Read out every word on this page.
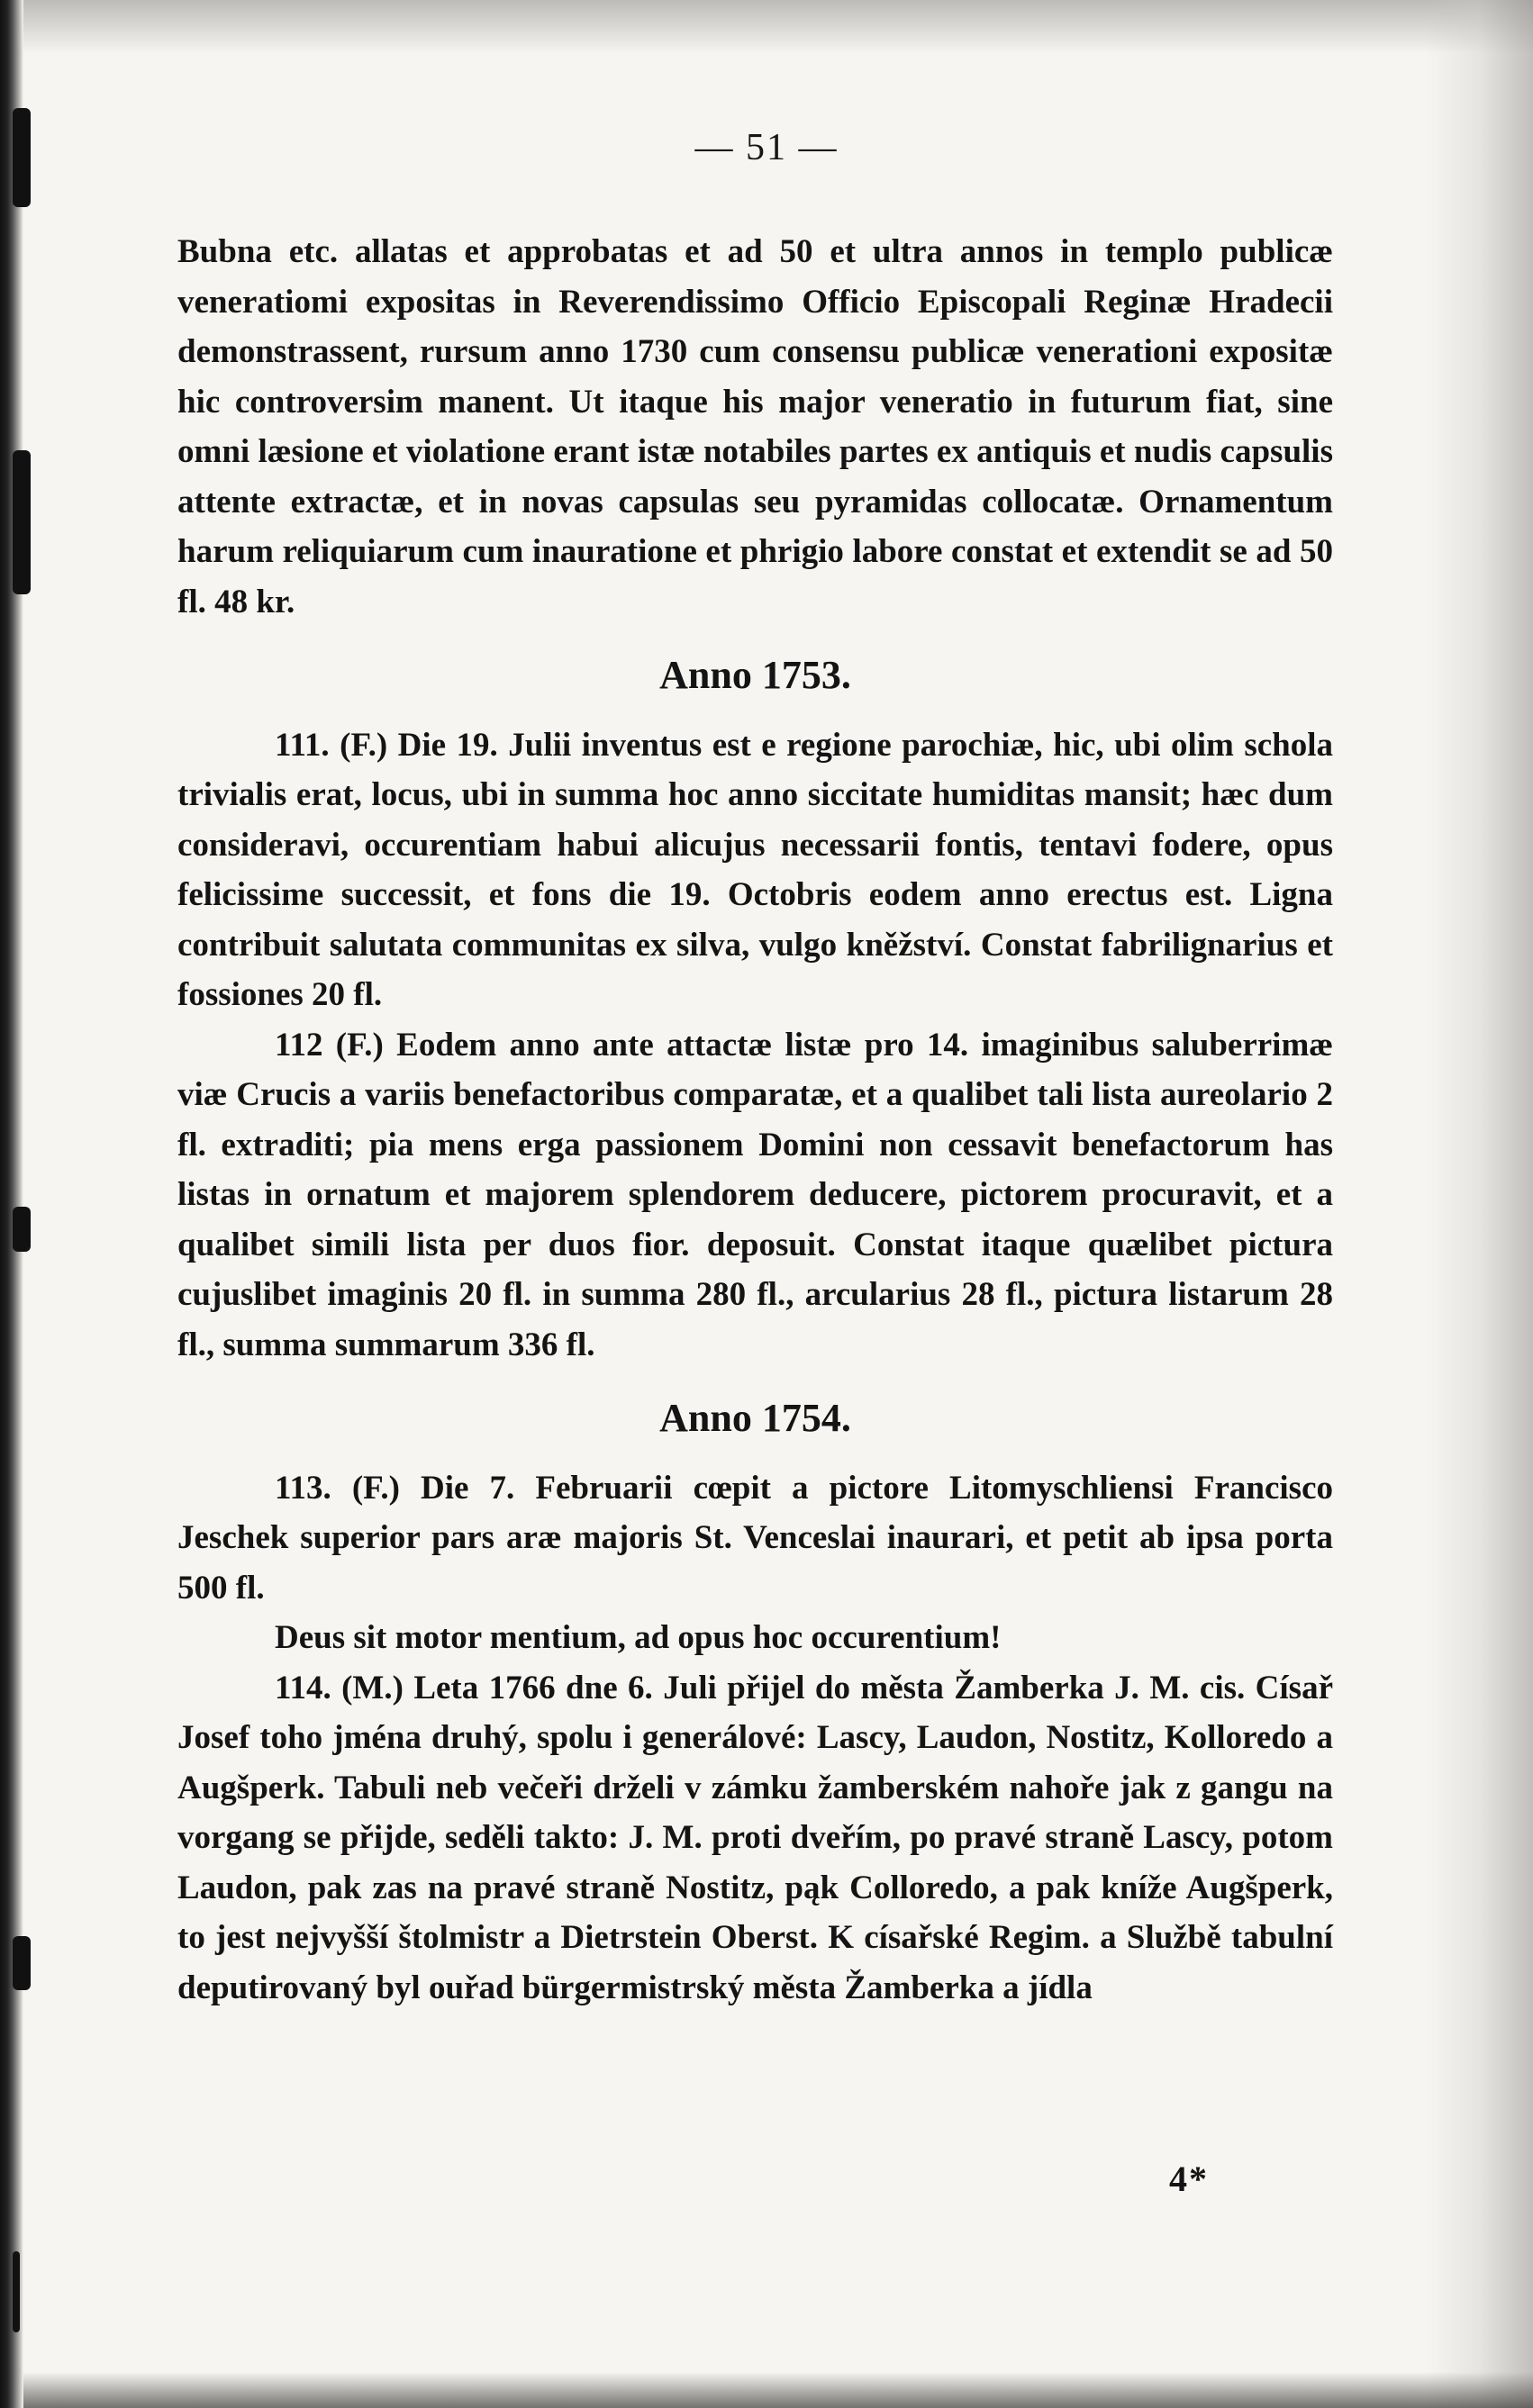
— 51 —

Bubna etc. allatas et approbatas et ad 50 et ultra annos in templo publicæ veneratiomi expositas in Reverendissimo Officio Episcopali Reginæ Hradecii demonstrassent, rursum anno 1730 cum consensu publicæ venerationi expositæ hic controversim manent. Ut itaque his major veneratio in futurum fiat, sine omni læsione et violatione erant istæ notabiles partes ex antiquis et nudis capsulis attente extractæ, et in novas capsulas seu pyramidas collocatæ. Ornamentum harum reliquiarum cum inauratione et phrigio labore constat et extendit se ad 50 fl. 48 kr.

Anno 1753.

111. (F.) Die 19. Julii inventus est e regione parochiæ, hic, ubi olim schola trivialis erat, locus, ubi in summa hoc anno siccitate humiditas mansit; hæc dum consideravi, occurentiam habui alicujus necessarii fontis, tentavi fodere, opus felicissime successit, et fons die 19. Octobris eodem anno erectus est. Ligna contribuit salutata communitas ex silva, vulgo kněžství. Constat fabrilignarius et fossiones 20 fl.

112 (F.) Eodem anno ante attactæ listæ pro 14. imaginibus saluberrimæ viæ Crucis a variis benefactoribus comparatæ, et a qualibet tali lista aureolario 2 fl. extraditi; pia mens erga passionem Domini non cessavit benefactorum has listas in ornatum et majorem splendorem deducere, pictorem procuravit, et a qualibet simili lista per duos fior. deposuit. Constat itaque quælibet pictura cujuslibet imaginis 20 fl. in summa 280 fl., arcularius 28 fl., pictura listarum 28 fl., summa summarum 336 fl.

Anno 1754.

113. (F.) Die 7. Februarii cœpit a pictore Litomyschliensi Francisco Jeschek superior pars aræ majoris St. Venceslai inaurari, et petit ab ipsa porta 500 fl.

Deus sit motor mentium, ad opus hoc occurentium!

114. (M.) Leta 1766 dne 6. Juli přijel do města Žamberka J. M. cis. Císař Josef toho jména druhý, spolu i generálové: Lascy, Laudon, Nostitz, Kolloredo a Augšperk. Tabuli neb večeři drželi v zámku žamberském nahoře jak z gangu na vorgang se přijde, seděli takto: J. M. proti dveřím, po pravé straně Lascy, potom Laudon, pak zas na pravé straně Nostitz, pąk Colloredo, a pak kníže Augšperk, to jest nejvyšší štolmistr a Dietrstein Oberst. K císařské Regim. a Službě tabulní deputirovaný byl ouřad bürgermistrský města Žamberka a jídla

4*
